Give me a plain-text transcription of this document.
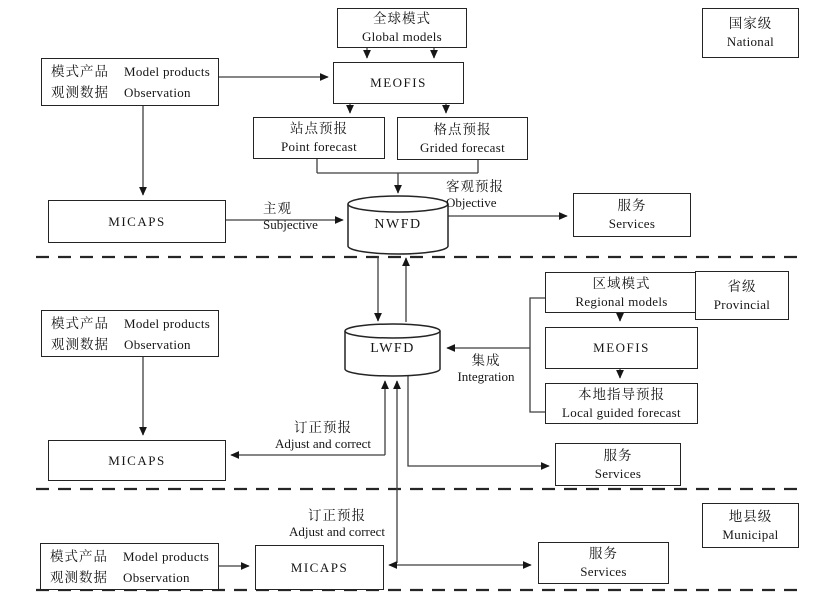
模式产品	Model products
观测数据	Observation
全球模式
Global models
MEOFIS
站点预报
Point forecast
格点预报
Grided forecast
MICAPS	NWFD
主观
Subjective
客观预报
Objective	服务
Services
国家级
National
模式产品	Model products
观测数据	Observation
区域模式
Regional models
MEOFIS
本地指导预报
Local guided forecast
集成
Integration
LWFD
订正预报
Adjust and correct
MICAPS	服务
Services
省级
Provincial
模式产品	Model products
观测数据	Observation
订正预报
Adjust and correct
MICAPS
服务
Services
地县级
Municipal
